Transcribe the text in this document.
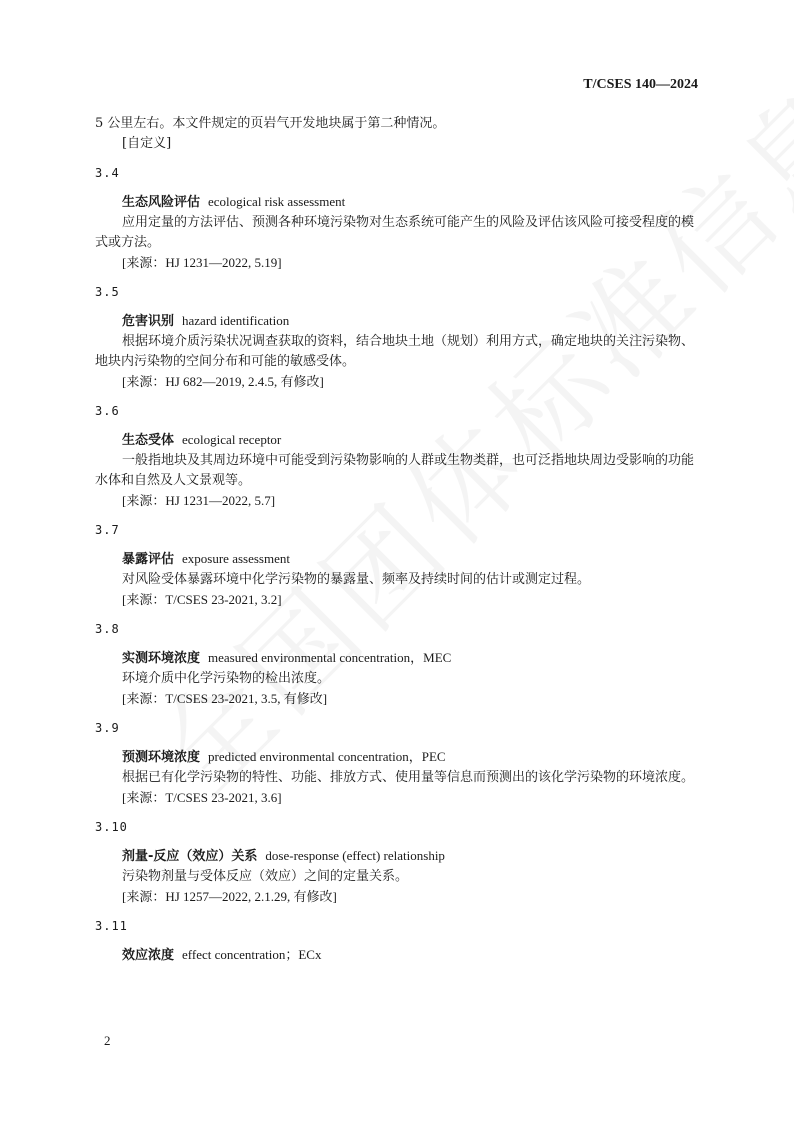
T/CSES 140—2024
5 公里左右。本文件规定的页岩气开发地块属于第二种情况。
[自定义]
3.4
生态风险评估 ecological risk assessment
应用定量的方法评估、预测各种环境污染物对生态系统可能产生的风险及评估该风险可接受程度的模式或方法。
[来源：HJ 1231—2022, 5.19]
3.5
危害识别 hazard identification
根据环境介质污染状况调查获取的资料，结合地块土地（规划）利用方式，确定地块的关注污染物、地块内污染物的空间分布和可能的敏感受体。
[来源：HJ 682—2019, 2.4.5, 有修改]
3.6
生态受体 ecological receptor
一般指地块及其周边环境中可能受到污染物影响的人群或生物类群，也可泛指地块周边受影响的功能水体和自然及人文景观等。
[来源：HJ 1231—2022, 5.7]
3.7
暴露评估 exposure assessment
对风险受体暴露环境中化学污染物的暴露量、频率及持续时间的估计或测定过程。
[来源：T/CSES 23-2021, 3.2]
3.8
实测环境浓度 measured environmental concentration，MEC
环境介质中化学污染物的检出浓度。
[来源：T/CSES 23-2021, 3.5, 有修改]
3.9
预测环境浓度 predicted environmental concentration，PEC
根据已有化学污染物的特性、功能、排放方式、使用量等信息而预测出的该化学污染物的环境浓度。
[来源：T/CSES 23-2021, 3.6]
3.10
剂量-反应（效应）关系 dose-response (effect) relationship
污染物剂量与受体反应（效应）之间的定量关系。
[来源：HJ 1257—2022, 2.1.29, 有修改]
3.11
效应浓度 effect concentration；ECx
2
